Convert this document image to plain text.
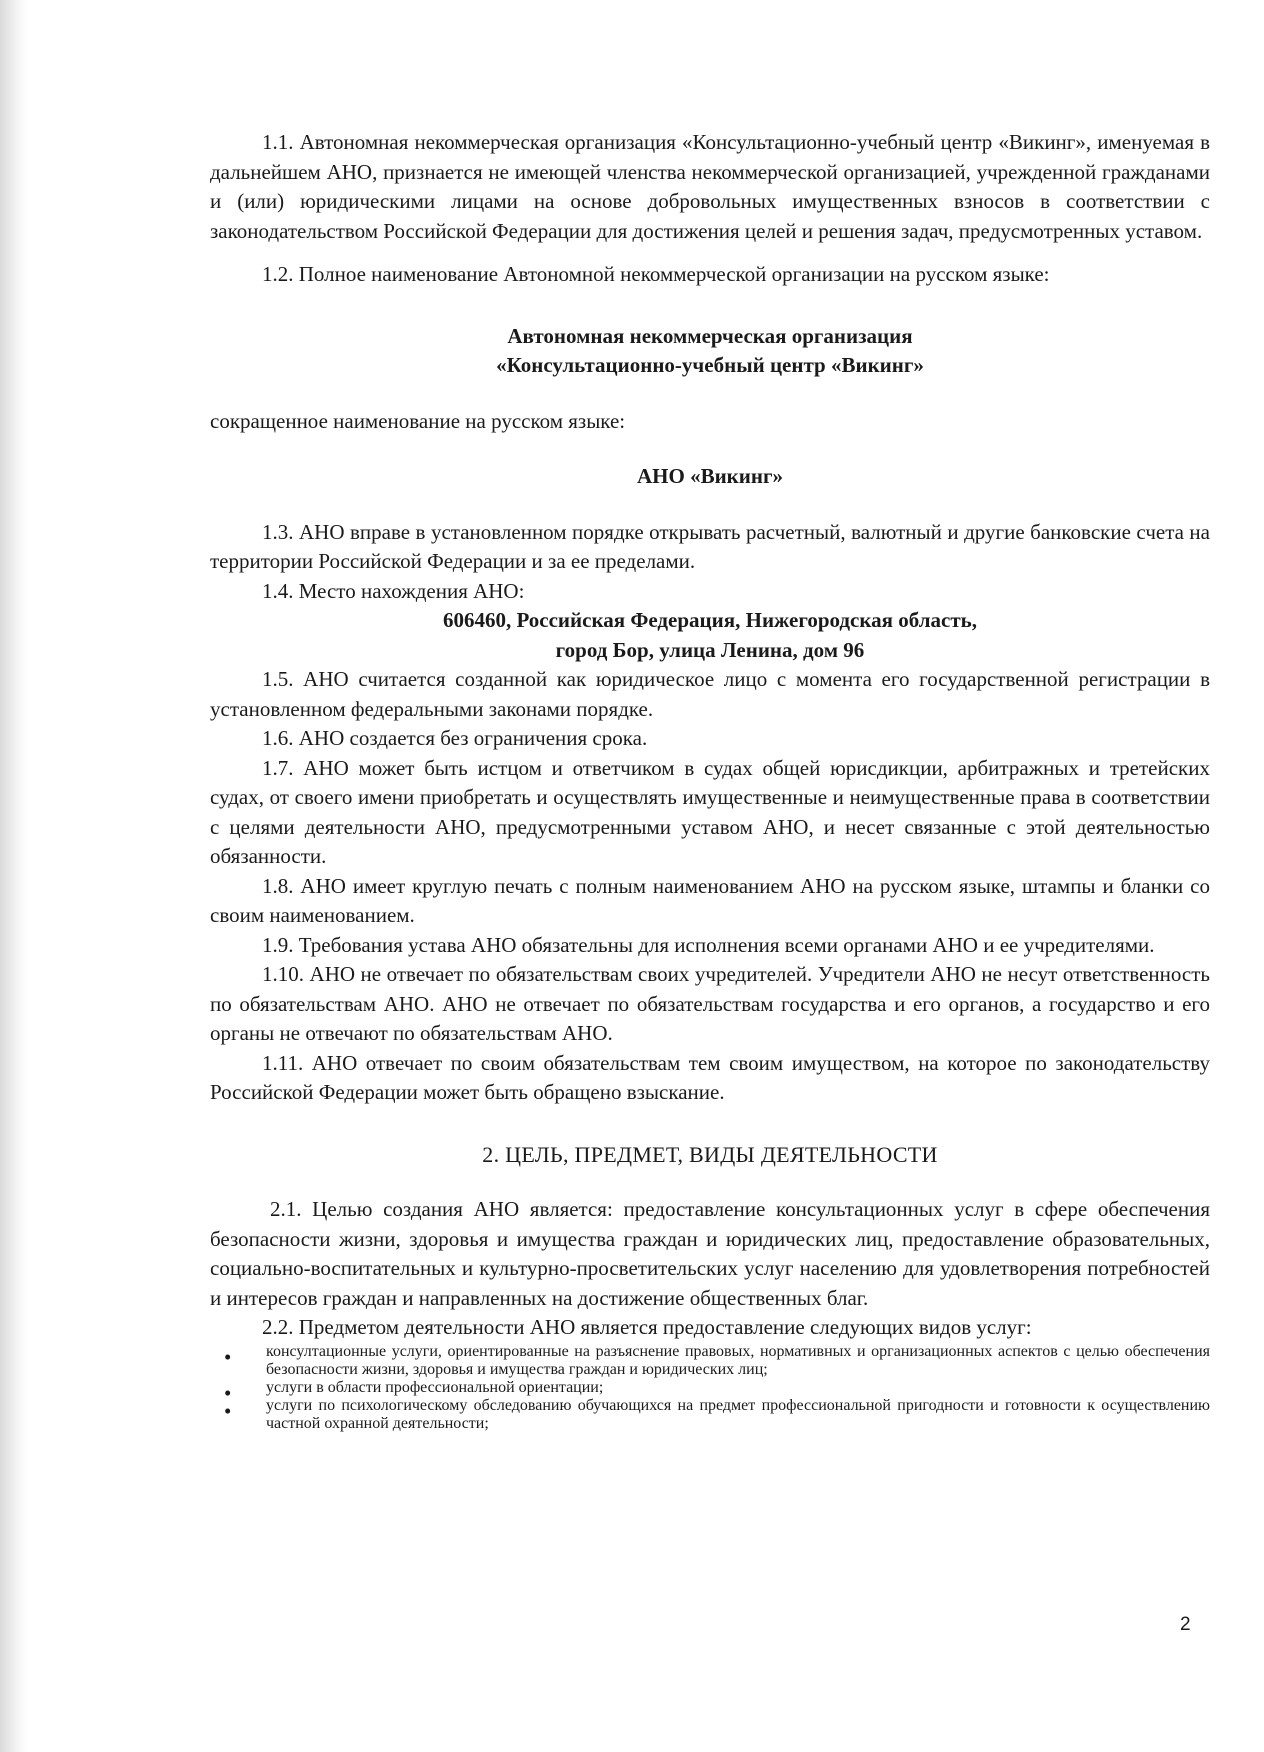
1.1. Автономная некоммерческая организация «Консультационно-учебный центр «Викинг», именуемая в дальнейшем АНО, признается не имеющей членства некоммерческой организацией, учрежденной гражданами и (или) юридическими лицами на основе добровольных имущественных взносов в соответствии с законодательством Российской Федерации для достижения целей и решения задач, предусмотренных уставом.

1.2. Полное наименование Автономной некоммерческой организации на русском языке:

Автономная некоммерческая организация

«Консультационно-учебный центр «Викинг»

сокращенное наименование на русском языке:

АНО «Викинг»

1.3. АНО вправе в установленном порядке открывать расчетный, валютный и другие банковские счета на территории Российской Федерации и за ее пределами.

1.4. Место нахождения АНО:

606460, Российская Федерация, Нижегородская область,

город Бор, улица Ленина, дом 96

1.5. АНО считается созданной как юридическое лицо с момента его государственной регистрации в установленном федеральными законами порядке.

1.6. АНО создается без ограничения срока.

1.7. АНО может быть истцом и ответчиком в судах общей юрисдикции, арбитражных и третейских судах, от своего имени приобретать и осуществлять имущественные и неимущественные права в соответствии с целями деятельности АНО, предусмотренными уставом АНО, и несет связанные с этой деятельностью обязанности.

1.8. АНО имеет круглую печать с полным наименованием АНО на русском языке, штампы и бланки со своим наименованием.

1.9. Требования устава АНО обязательны для исполнения всеми органами АНО и ее учредителями.

1.10. АНО не отвечает по обязательствам своих учредителей. Учредители АНО не несут ответственность по обязательствам АНО. АНО не отвечает по обязательствам государства и его органов, а государство и его органы не отвечают по обязательствам АНО.

1.11. АНО отвечает по своим обязательствам тем своим имуществом, на которое по законодательству Российской Федерации может быть обращено взыскание.

2. ЦЕЛЬ, ПРЕДМЕТ, ВИДЫ ДЕЯТЕЛЬНОСТИ

2.1. Целью создания АНО является: предоставление консультационных услуг в сфере обеспечения безопасности жизни, здоровья и имущества граждан и юридических лиц, предоставление образовательных, социально-воспитательных и культурно-просветительских услуг населению для удовлетворения потребностей и интересов граждан и направленных на достижение общественных благ.

2.2. Предметом деятельности АНО является предоставление следующих видов услуг:

• консултационные услуги, ориентированные на разъяснение правовых, нормативных и организационных аспектов с целью обеспечения безопасности жизни, здоровья и имущества граждан и юридических лиц;
• услуги в области профессиональной ориентации;
• услуги по психологическому обследованию обучающихся на предмет профессиональной пригодности и готовности к осуществлению частной охранной деятельности;
2
